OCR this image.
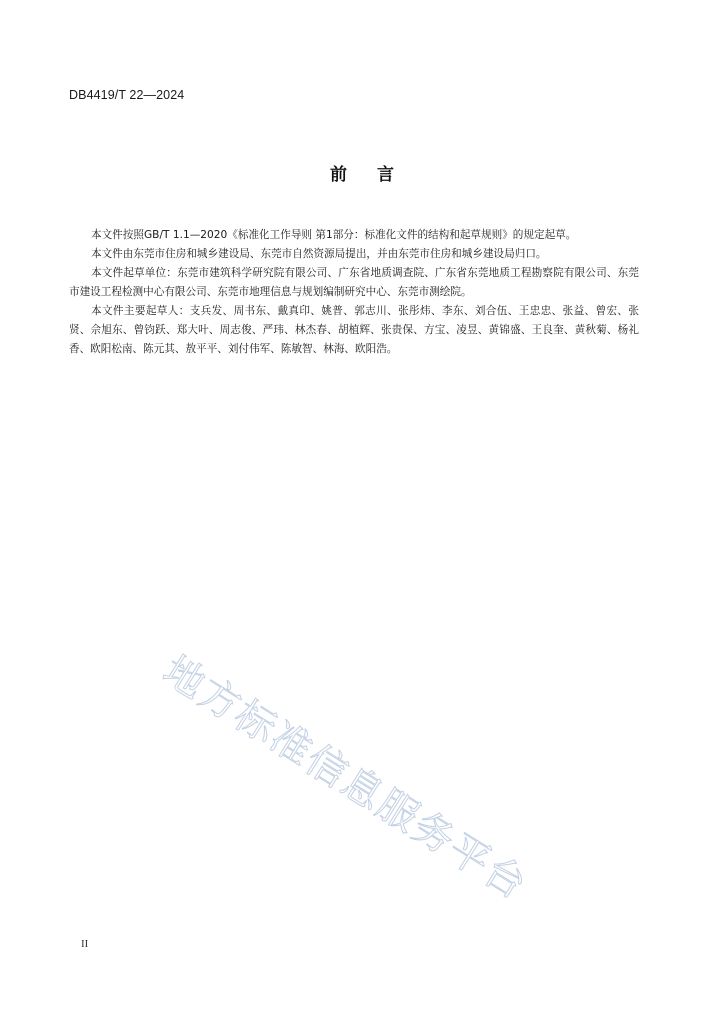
DB4419/T 22—2024
前 言

本文件按照GB/T 1.1—2020《标准化工作导则 第1部分：标准化文件的结构和起草规则》的规定起草。

本文件由东莞市住房和城乡建设局、东莞市自然资源局提出，并由东莞市住房和城乡建设局归口。

本文件起草单位：东莞市建筑科学研究院有限公司、广东省地质调查院、广东省东莞地质工程勘察院有限公司、东莞市建设工程检测中心有限公司、东莞市地理信息与规划编制研究中心、东莞市测绘院。

本文件主要起草人：支兵发、周书东、戴真印、姚普、郭志川、张彤炜、李东、刘合伍、王忠忠、张益、曾宏、张贤、佘旭东、曾钧跃、郑大叶、周志俊、严玮、林杰春、胡植辉、张贵保、方宝、凌昱、黄锦盛、王良奎、黄秋菊、杨礼香、欧阳松南、陈元其、敖平平、刘付伟军、陈敏智、林海、欧阳浩。

地方标准信息服务平台
II
